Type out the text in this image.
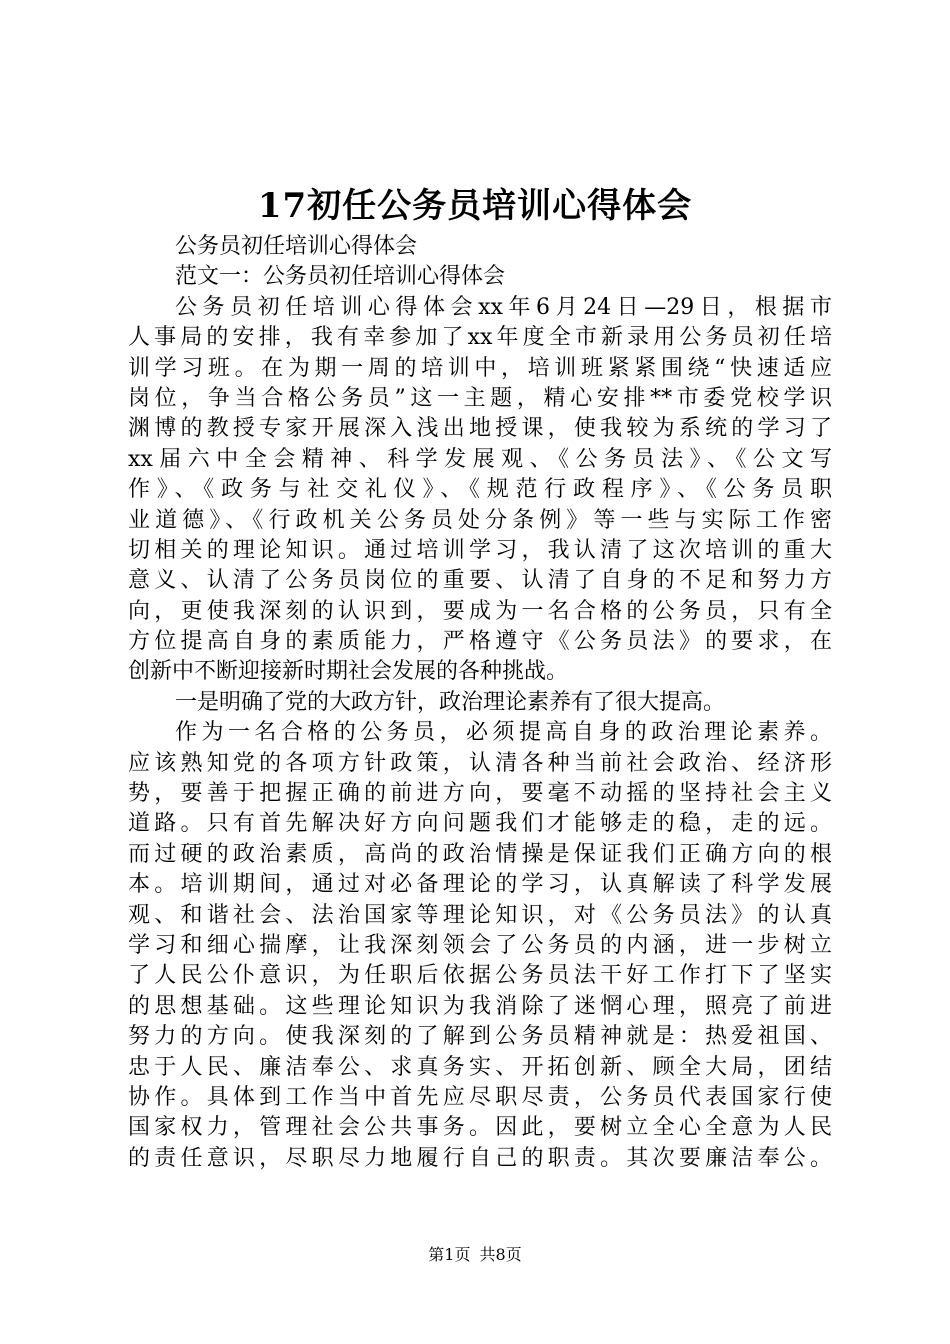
17初任公务员培训心得体会
公务员初任培训心得体会
范文一：公务员初任培训心得体会
公务员初任培训心得体会xx年6月24日—29日，根据市
人事局的安排，我有幸参加了xx年度全市新录用公务员初任培
训学习班。在为期一周的培训中，培训班紧紧围绕“快速适应
岗位，争当合格公务员”这一主题，精心安排**市委党校学识
渊博的教授专家开展深入浅出地授课，使我较为系统的学习了
xx届六中全会精神、科学发展观、《公务员法》、《公文写
作》、《政务与社交礼仪》、《规范行政程序》、《公务员职
业道德》、《行政机关公务员处分条例》等一些与实际工作密
切相关的理论知识。通过培训学习，我认清了这次培训的重大
意义、认清了公务员岗位的重要、认清了自身的不足和努力方
向，更使我深刻的认识到，要成为一名合格的公务员，只有全
方位提高自身的素质能力，严格遵守《公务员法》的要求，在
创新中不断迎接新时期社会发展的各种挑战。
一是明确了党的大政方针，政治理论素养有了很大提高。
作为一名合格的公务员，必须提高自身的政治理论素养。
应该熟知党的各项方针政策，认清各种当前社会政治、经济形
势，要善于把握正确的前进方向，要毫不动摇的坚持社会主义
道路。只有首先解决好方向问题我们才能够走的稳，走的远。
而过硬的政治素质，高尚的政治情操是保证我们正确方向的根
本。培训期间，通过对必备理论的学习，认真解读了科学发展
观、和谐社会、法治国家等理论知识，对《公务员法》的认真
学习和细心揣摩，让我深刻领会了公务员的内涵，进一步树立
了人民公仆意识，为任职后依据公务员法干好工作打下了坚实
的思想基础。这些理论知识为我消除了迷惘心理，照亮了前进
努力的方向。使我深刻的了解到公务员精神就是：热爱祖国、
忠于人民、廉洁奉公、求真务实、开拓创新、顾全大局，团结
协作。具体到工作当中首先应尽职尽责，公务员代表国家行使
国家权力，管理社会公共事务。因此，要树立全心全意为人民
的责任意识，尽职尽力地履行自己的职责。其次要廉洁奉公。
第1页 共8页
